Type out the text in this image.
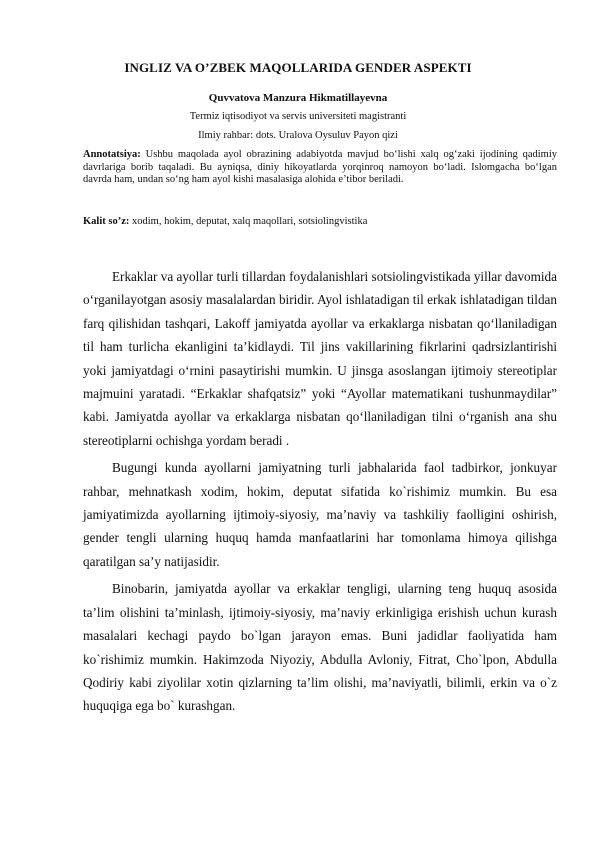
INGLIZ VA O’ZBEK MAQOLLARIDA GENDER ASPEKTI
Quvvatova Manzura Hikmatillayevna
Termiz iqtisodiyot va servis universiteti magistranti
Ilmiy rahbar: dots. Uralova Oysuluv Payon qizi

Annotatsiya: Ushbu maqolada ayol obrazining adabiyotda mavjud bo‘lishi xalq og‘zaki ijodining qadimiy davrlariga borib taqaladi. Bu ayniqsa, diniy hikoyatlarda yorqinroq namoyon bo‘ladi. Islomgacha bo‘lgan davrda ham, undan so‘ng ham ayol kishi masalasiga alohida e’tibor beriladi.

Kalit so’z: xodim, hokim, deputat, xalq maqollari, sotsiolingvistika

Erkaklar va ayollar turli tillardan foydalanishlari sotsiolingvistikada yillar davomida o‘rganilayotgan asosiy masalalardan biridir. Ayol ishlatadigan til erkak ishlatadigan tildan farq qilishidan tashqari, Lakoff jamiyatda ayollar va erkaklarga nisbatan qo‘llaniladigan til ham turlicha ekanligini ta’kidlaydi. Til jins vakillarining fikrlarini qadrsizlantirishi yoki jamiyatdagi o‘rnini pasaytirishi mumkin. U jinsga asoslangan ijtimoiy stereotiplar majmuini yaratadi. “Erkaklar shafqatsiz” yoki “Ayollar matematikani tushunmaydilar” kabi. Jamiyatda ayollar va erkaklarga nisbatan qo‘llaniladigan tilni o‘rganish ana shu stereotiplarni ochishga yordam beradi .

Bugungi kunda ayollarni jamiyatning turli jabhalarida faol tadbirkor, jonkuyar rahbar, mehnatkash xodim, hokim, deputat sifatida ko`rishimiz mumkin. Bu esa jamiyatimizda ayollarning ijtimoiy-siyosiy, ma’naviy va tashkiliy faolligini oshirish, gender tengli ularning huquq hamda manfaatlarini har tomonlama himoya qilishga qaratilgan sa’y natijasidir.

Binobarin, jamiyatda ayollar va erkaklar tengligi, ularning teng huquq asosida ta’lim olishini ta’minlash, ijtimoiy-siyosiy, ma’naviy erkinligiga erishish uchun kurash masalalari kechagi paydo bo`lgan jarayon emas. Buni jadidlar faoliyatida ham ko`rishimiz mumkin. Hakimzoda Niyoziy, Abdulla Avloniy, Fitrat, Cho`lpon, Abdulla Qodiriy kabi ziyolilar xotin qizlarning ta’lim olishi, ma’naviyatli, bilimli, erkin va o`z huquqiga ega bo` kurashgan.
